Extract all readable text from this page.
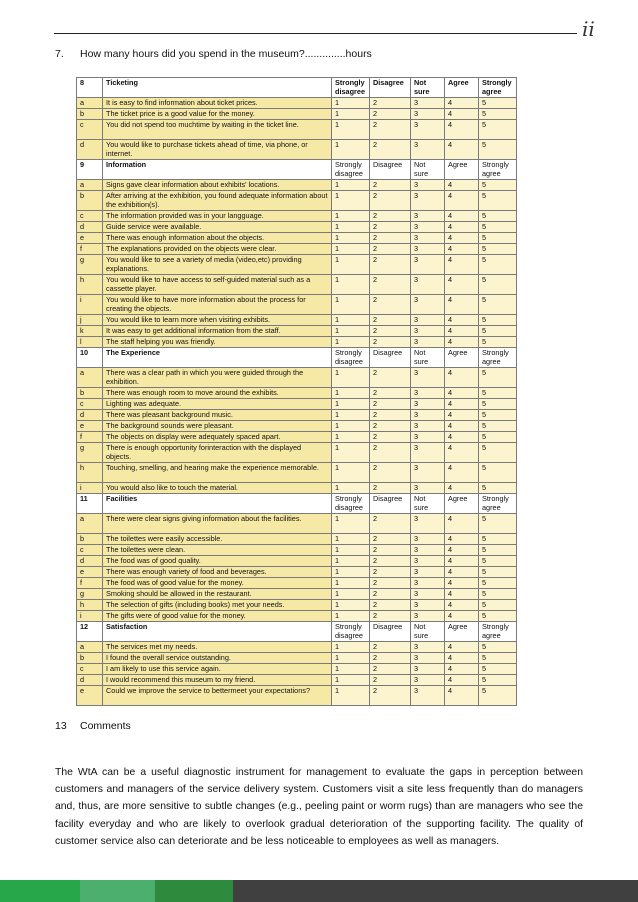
ii
7. How many hours did you spend in the museum?..............hours
8	Ticketing	Strongly disagree	Disagree	Not sure	Agree	Strongly agree
a	It is easy to find information about ticket prices.	1	2	3	4	5
b	The ticket price is a good value for the money.	1	2	3	4	5
c	You did not spend too muchtime by waiting in the ticket line.	1	2	3	4	5
d	You would like to purchase tickets ahead of time, via phone, or internet.	1	2	3	4	5
9	Information	Strongly disagree	Disagree	Not sure	Agree	Strongly agree
a	Signs gave clear information about exhibits' locations.	1	2	3	4	5
b	After arriving at the exhibition, you found adequate information about the exhibition(s).	1	2	3	4	5
c	The information provided was in your langguage.	1	2	3	4	5
d	Guide service were available.	1	2	3	4	5
e	There was enough information about the objects.	1	2	3	4	5
f	The explanations provided on the objects were clear.	1	2	3	4	5
g	You would like to see a variety of media (video,etc) providing explanations.	1	2	3	4	5
h	You would like to have access to self-guided material such as a cassette player.	1	2	3	4	5
i	You would like to have more information about the process for creating the objects.	1	2	3	4	5
j	You would like to learn more when visiting exhibits.	1	2	3	4	5
k	It was easy to get additional information from the staff.	1	2	3	4	5
l	The staff helping you was friendly.	1	2	3	4	5
10	The Experience	Strongly disagree	Disagree	Not sure	Agree	Strongly agree
a	There was a clear path in which you were guided through the exhibition.	1	2	3	4	5
b	There was enough room to move around the exhibits.	1	2	3	4	5
c	Lighting was adequate.	1	2	3	4	5
d	There was pleasant background music.	1	2	3	4	5
e	The background sounds were pleasant.	1	2	3	4	5
f	The objects on display were adequately spaced apart.	1	2	3	4	5
g	There is enough opportunity forinteraction with the displayed objects.	1	2	3	4	5
h	Touching, smelling, and hearing make the experience memorable.	1	2	3	4	5
i	You would also like to touch the material.	1	2	3	4	5
11	Facilities	Strongly disagree	Disagree	Not sure	Agree	Strongly agree
a	There were clear signs giving information about the facilities.	1	2	3	4	5
b	The toilettes were easily accessible.	1	2	3	4	5
c	The toilettes were clean.	1	2	3	4	5
d	The food was of good quality.	1	2	3	4	5
e	There was enough variety of food and beverages.	1	2	3	4	5
f	The food was of good value for the money.	1	2	3	4	5
g	Smoking should be allowed in the restaurant.	1	2	3	4	5
h	The selection of gifts (including books) met your needs.	1	2	3	4	5
i	The gifts were of good value for the money.	1	2	3	4	5
12	Satisfaction	Strongly disagree	Disagree	Not sure	Agree	Strongly agree
a	The services met my needs.	1	2	3	4	5
b	I found the overall service outstanding.	1	2	3	4	5
c	I am likely to use this service again.	1	2	3	4	5
d	I would recommend this museum to my friend.	1	2	3	4	5
e	Could we improve the service to bettermeet your expectations?	1	2	3	4	5
13 Comments
The WtA can be a useful diagnostic instrument for management to evaluate the gaps in perception between customers and managers of the service delivery system. Customers visit a site less frequently than do managers and, thus, are more sensitive to subtle changes (e.g., peeling paint or worm rugs) than are managers who see the facility everyday and who are likely to overlook gradual deterioration of the supporting facility. The quality of customer service also can deteriorate and be less noticeable to employees as well as managers.
